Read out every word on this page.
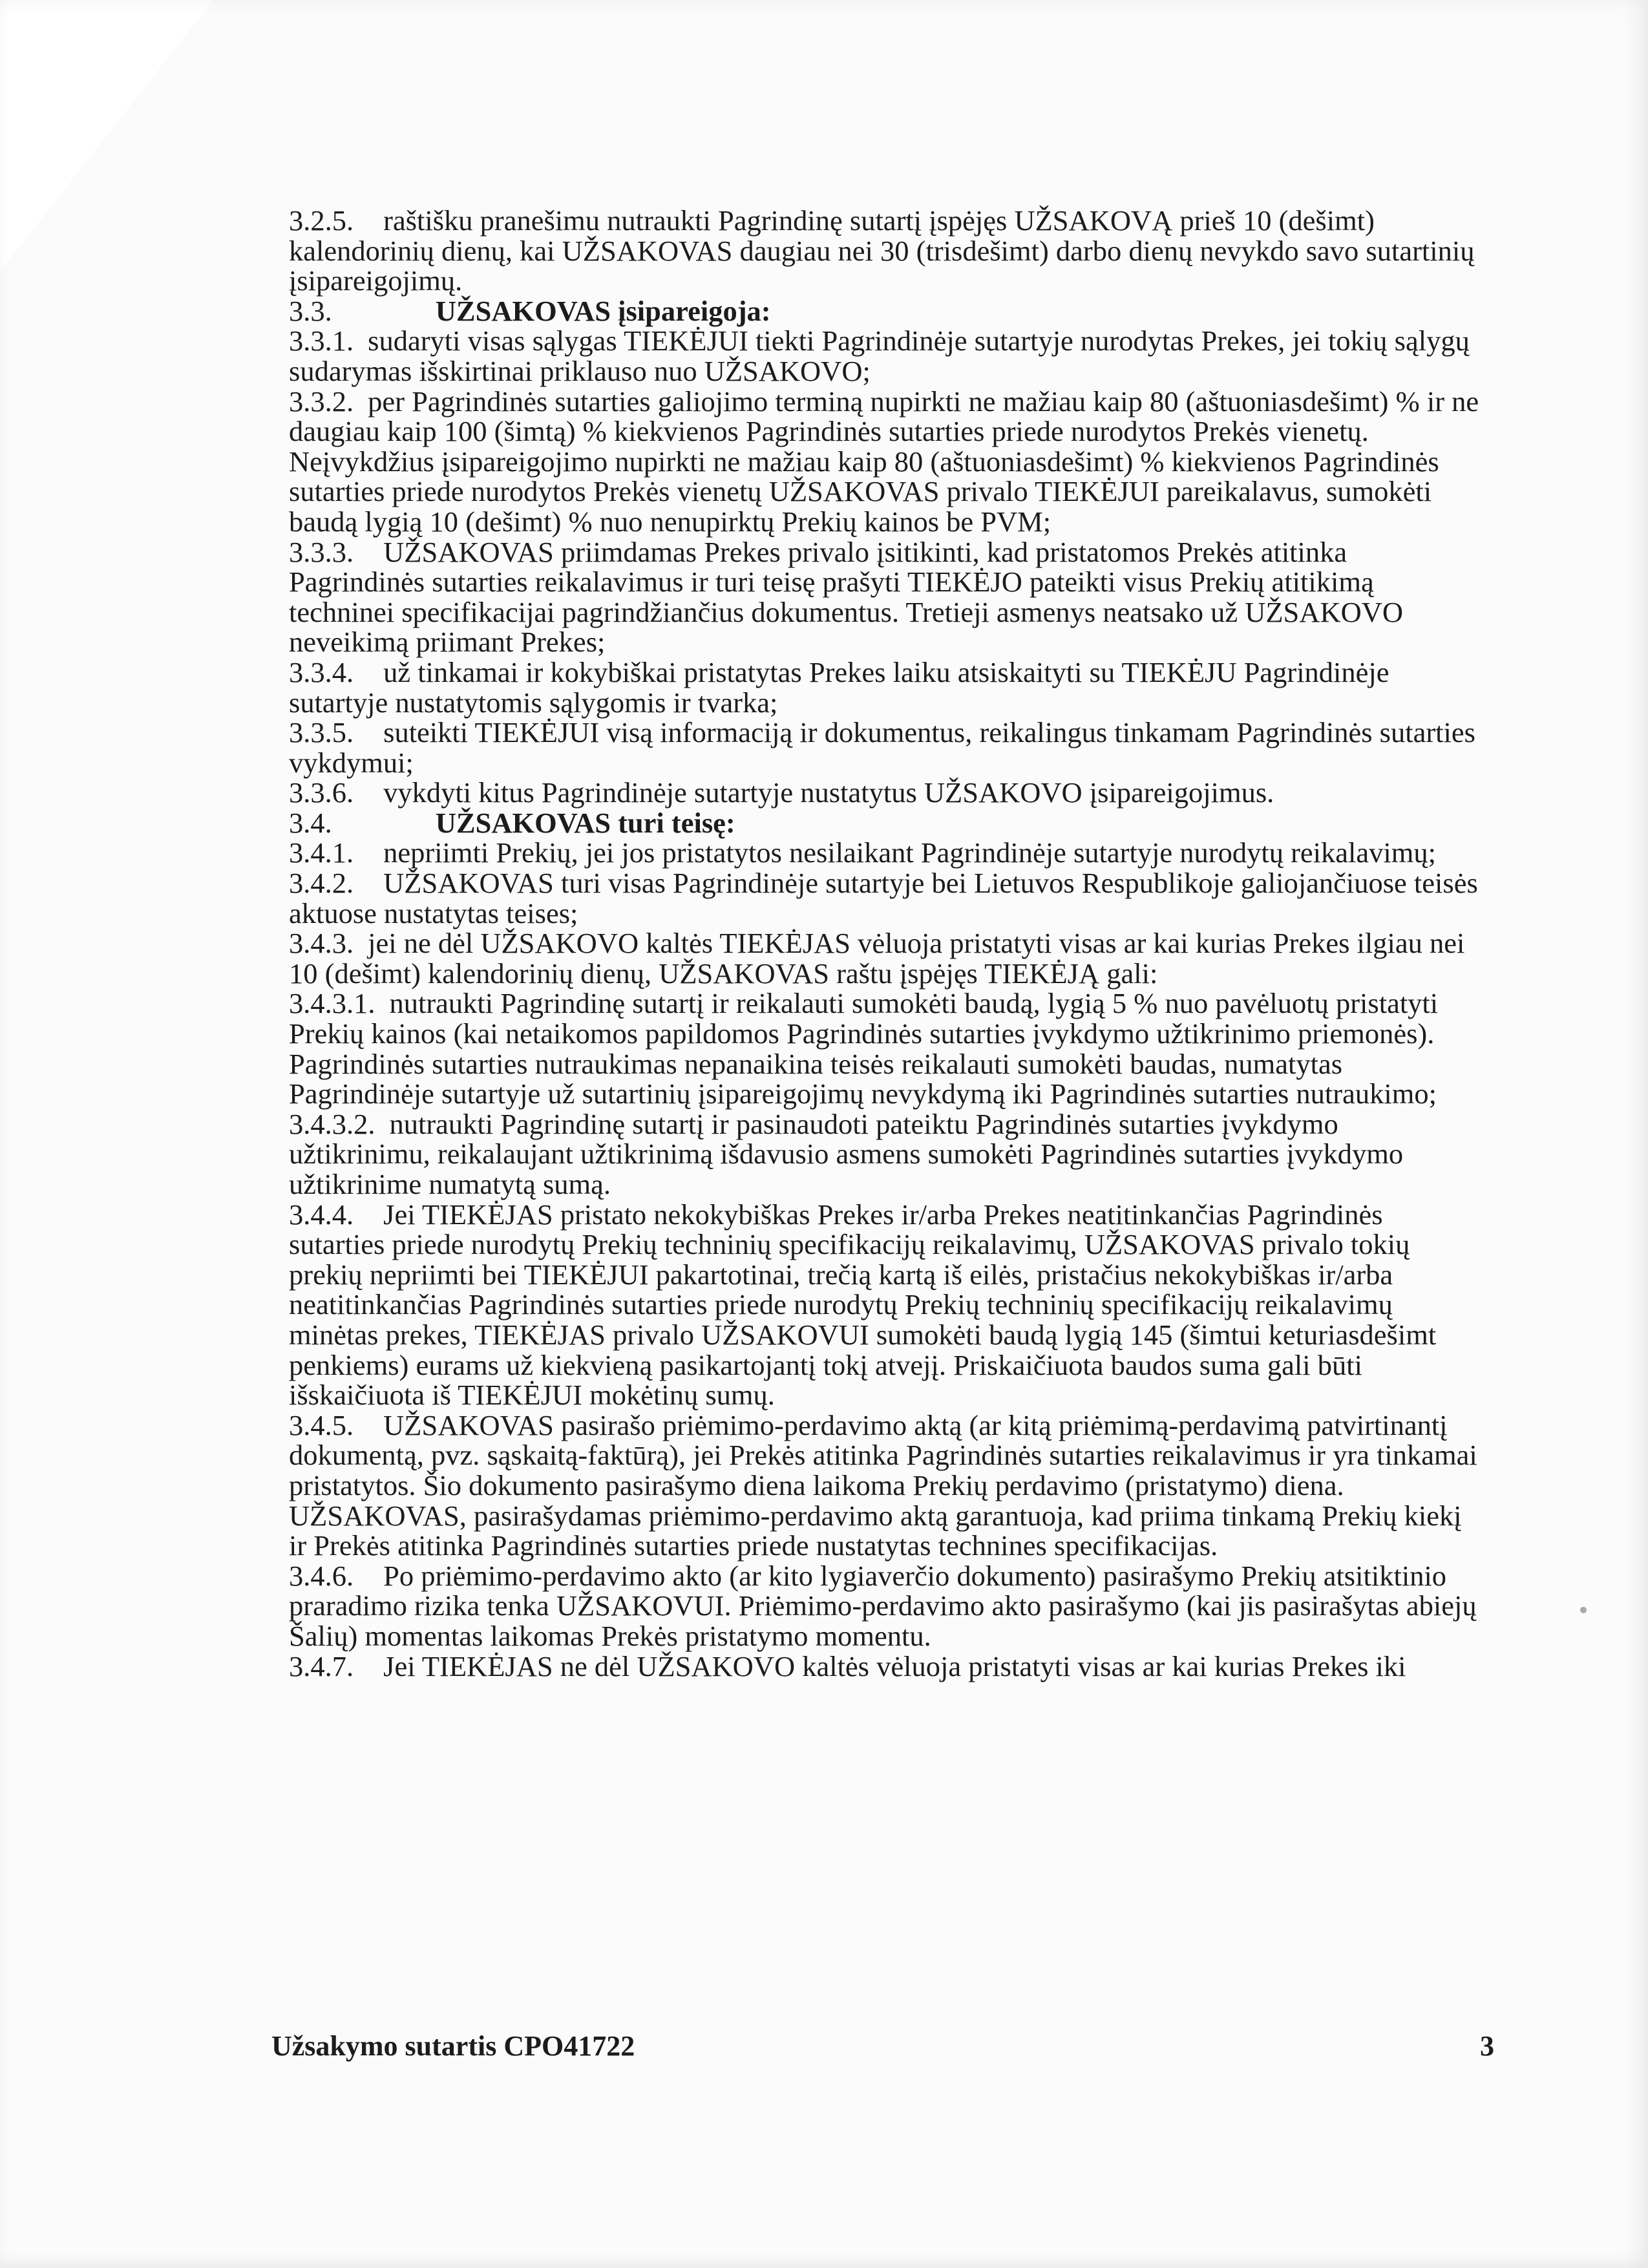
3.2.5. raštišku pranešimu nutraukti Pagrindinę sutartį įspėjęs UŽSAKOVĄ prieš 10 (dešimt) kalendorinių dienų, kai UŽSAKOVAS daugiau nei 30 (trisdešimt) darbo dienų nevykdo savo sutartinių įsipareigojimų.

3.3.	UŽSAKOVAS įsipareigoja:

3.3.1. sudaryti visas sąlygas TIEKĖJUI tiekti Pagrindinėje sutartyje nurodytas Prekes, jei tokių sąlygų sudarymas išskirtinai priklauso nuo UŽSAKOVO;

3.3.2. per Pagrindinės sutarties galiojimo terminą nupirkti ne mažiau kaip 80 (aštuoniasdešimt) % ir ne daugiau kaip 100 (šimtą) % kiekvienos Pagrindinės sutarties priede nurodytos Prekės vienetų. Neįvykdžius įsipareigojimo nupirkti ne mažiau kaip 80 (aštuoniasdešimt) % kiekvienos Pagrindinės sutarties priede nurodytos Prekės vienetų UŽSAKOVAS privalo TIEKĖJUI pareikalavus, sumokėti baudą lygią 10 (dešimt) % nuo nenupirktų Prekių kainos be PVM;

3.3.3. UŽSAKOVAS priimdamas Prekes privalo įsitikinti, kad pristatomos Prekės atitinka Pagrindinės sutarties reikalavimus ir turi teisę prašyti TIEKĖJO pateikti visus Prekių atitikimą techninei specifikacijai pagrindžiančius dokumentus. Tretieji asmenys neatsako už UŽSAKOVO neveikimą priimant Prekes;

3.3.4. už tinkamai ir kokybiškai pristatytas Prekes laiku atsiskaityti su TIEKĖJU Pagrindinėje sutartyje nustatytomis sąlygomis ir tvarka;

3.3.5. suteikti TIEKĖJUI visą informaciją ir dokumentus, reikalingus tinkamam Pagrindinės sutarties vykdymui;

3.3.6. vykdyti kitus Pagrindinėje sutartyje nustatytus UŽSAKOVO įsipareigojimus.

3.4.	UŽSAKOVAS turi teisę:

3.4.1. nepriimti Prekių, jei jos pristatytos nesilaikant Pagrindinėje sutartyje nurodytų reikalavimų;

3.4.2. UŽSAKOVAS turi visas Pagrindinėje sutartyje bei Lietuvos Respublikoje galiojančiuose teisės aktuose nustatytas teises;

3.4.3. jei ne dėl UŽSAKOVO kaltės TIEKĖJAS vėluoja pristatyti visas ar kai kurias Prekes ilgiau nei 10 (dešimt) kalendorinių dienų, UŽSAKOVAS raštu įspėjęs TIEKĖJĄ gali:

3.4.3.1. nutraukti Pagrindinę sutartį ir reikalauti sumokėti baudą, lygią 5 % nuo pavėluotų pristatyti Prekių kainos (kai netaikomos papildomos Pagrindinės sutarties įvykdymo užtikrinimo priemonės). Pagrindinės sutarties nutraukimas nepanaikina teisės reikalauti sumokėti baudas, numatytas Pagrindinėje sutartyje už sutartinių įsipareigojimų nevykdymą iki Pagrindinės sutarties nutraukimo;

3.4.3.2. nutraukti Pagrindinę sutartį ir pasinaudoti pateiktu Pagrindinės sutarties įvykdymo užtikrinimu, reikalaujant užtikrinimą išdavusio asmens sumokėti Pagrindinės sutarties įvykdymo užtikrinime numatytą sumą.

3.4.4. Jei TIEKĖJAS pristato nekokybiškas Prekes ir/arba Prekes neatitinkančias Pagrindinės sutarties priede nurodytų Prekių techninių specifikacijų reikalavimų, UŽSAKOVAS privalo tokių prekių nepriimti bei TIEKĖJUI pakartotinai, trečią kartą iš eilės, pristačius nekokybiškas ir/arba neatitinkančias Pagrindinės sutarties priede nurodytų Prekių techninių specifikacijų reikalavimų minėtas prekes, TIEKĖJAS privalo UŽSAKOVUI sumokėti baudą lygią 145 (šimtui keturiasdešimt penkiems) eurams už kiekvieną pasikartojantį tokį atvejį. Priskaičiuota baudos suma gali būti išskaičiuota iš TIEKĖJUI mokėtinų sumų.

3.4.5. UŽSAKOVAS pasirašo priėmimo-perdavimo aktą (ar kitą priėmimą-perdavimą patvirtinantį dokumentą, pvz. sąskaitą-faktūrą), jei Prekės atitinka Pagrindinės sutarties reikalavimus ir yra tinkamai pristatytos. Šio dokumento pasirašymo diena laikoma Prekių perdavimo (pristatymo) diena. UŽSAKOVAS, pasirašydamas priėmimo-perdavimo aktą garantuoja, kad priima tinkamą Prekių kiekį ir Prekės atitinka Pagrindinės sutarties priede nustatytas technines specifikacijas.

3.4.6. Po priėmimo-perdavimo akto (ar kito lygiaverčio dokumento) pasirašymo Prekių atsitiktinio praradimo rizika tenka UŽSAKOVUI. Priėmimo-perdavimo akto pasirašymo (kai jis pasirašytas abiejų Šalių) momentas laikomas Prekės pristatymo momentu.

3.4.7. Jei TIEKĖJAS ne dėl UŽSAKOVO kaltės vėluoja pristatyti visas ar kai kurias Prekes iki

Užsakymo sutartis CPO41722	3
